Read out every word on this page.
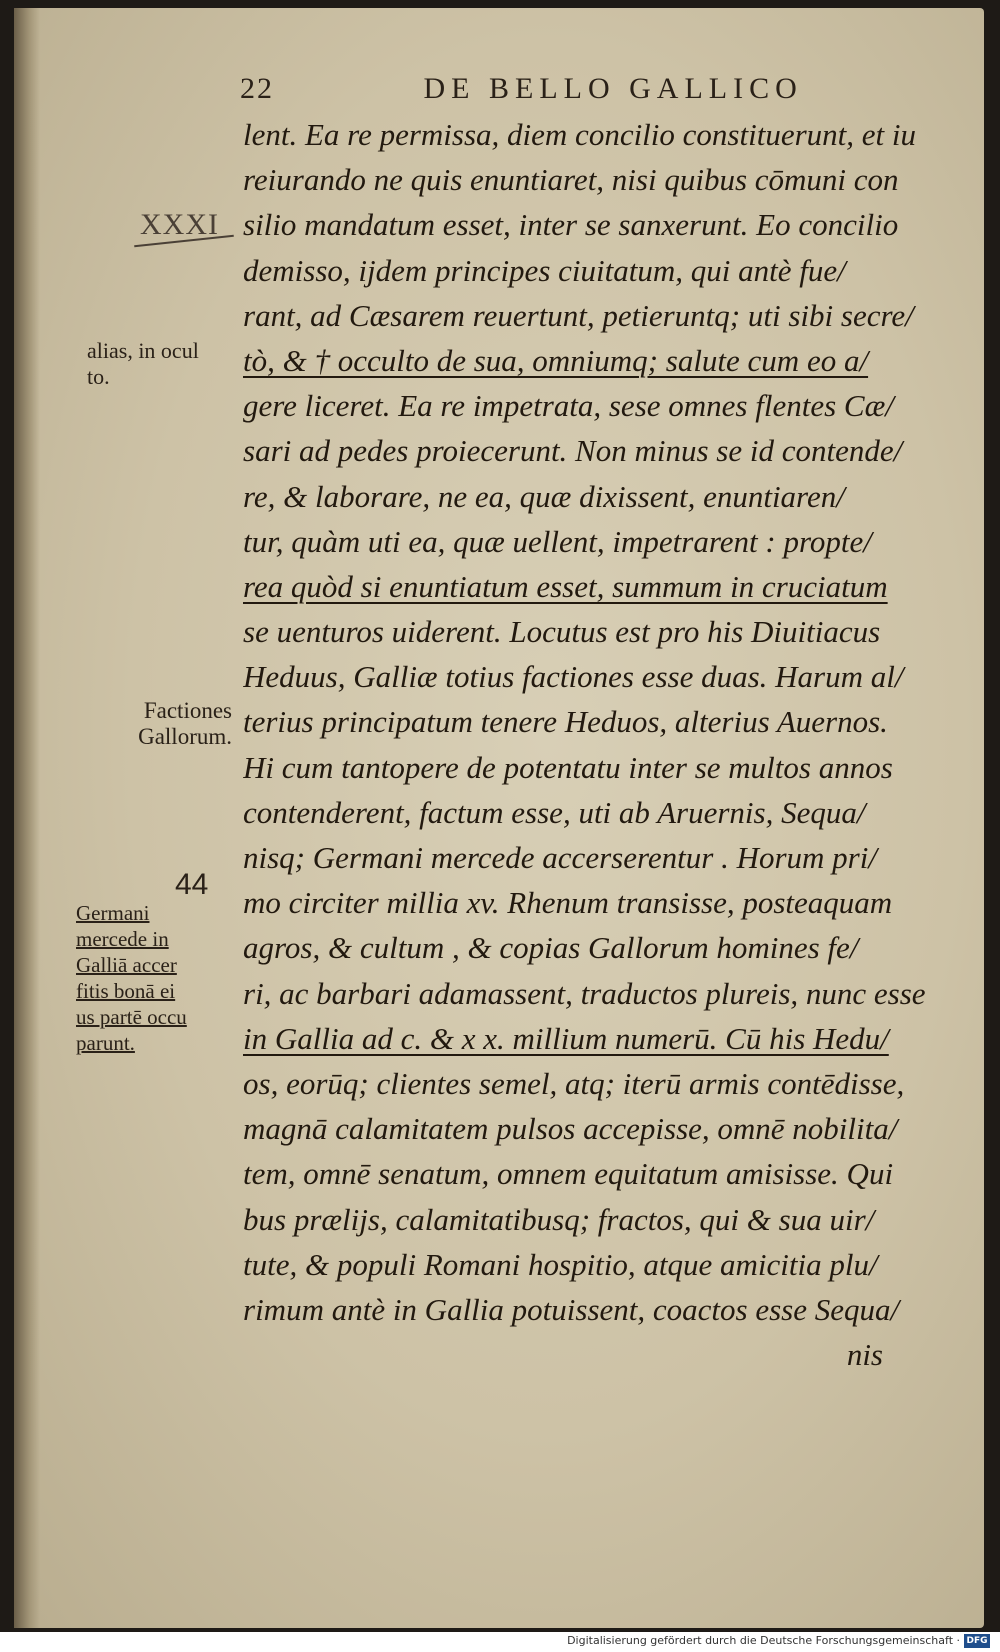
22	DE BELLO GALLICO
XXXI
alias, in ocul
to.
Factiones
Gallorum.
44
Germani
mercede in
Galliā accer
fitis bonā ei
us partē occu
parunt.
lent. Ea re permissa, diem concilio constituerunt, et iu
reiurando ne quis enuntiaret, nisi quibus cōmuni con
silio mandatum esset, inter se sanxerunt. Eo concilio
demisso, ijdem principes ciuitatum, qui antè fue/
rant, ad Cæsarem reuertunt, petieruntq; uti sibi secre/
tò, & † occulto de sua, omniumq; salute cum eo a/
gere liceret. Ea re impetrata, sese omnes flentes Cæ/
sari ad pedes proiecerunt. Non minus se id contende/
re, & laborare, ne ea, quæ dixissent, enuntiaren/
tur, quàm uti ea, quæ uellent, impetrarent : propte/
rea quòd si enuntiatum esset, summum in cruciatum
se uenturos uiderent. Locutus est pro his Diuitiacus
Heduus, Galliæ totius factiones esse duas. Harum al/
terius principatum tenere Heduos, alterius Auernos.
Hi cum tantopere de potentatu inter se multos annos
contenderent, factum esse, uti ab Aruernis, Sequa/
nisq; Germani mercede accerserentur . Horum pri/
mo circiter millia xv. Rhenum transisse, posteaquam
agros, & cultum , & copias Gallorum homines fe/
ri, ac barbari adamassent, traductos plureis, nunc esse
in Gallia ad c. & x x. millium numerū. Cū his Hedu/
os, eorūq; clientes semel, atq; iterū armis contēdisse,
magnā calamitatem pulsos accepisse, omnē nobilita/
tem, omnē senatum, omnem equitatum amisisse. Qui
bus prælijs, calamitatibusq; fractos, qui & sua uir/
tute, & populi Romani hospitio, atque amicitia plu/
rimum antè in Gallia potuissent, coactos esse Sequa/
nis
Digitalisierung gefördert durch die Deutsche Forschungsgemeinschaft · DFG
